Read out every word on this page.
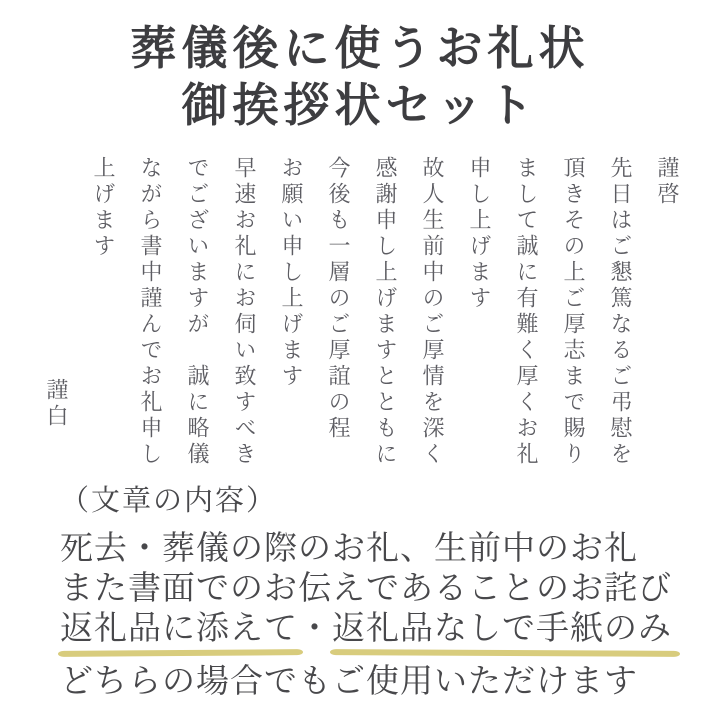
葬儀後に使うお礼状
御挨拶状セット

謹啓

先日はご懇篤なるご弔慰を

頂きその上ご厚志まで賜り

まして誠に有難く厚くお礼

申し上げます

故人生前中のご厚情を深く

感謝申し上げますとともに

今後も一層のご厚誼の程

お願い申し上げます

早速お礼にお伺い致すべき

でございますが　誠に略儀

ながら書中謹んでお礼申し

上げます

謹白

（文章の内容）
死去・葬儀の際のお礼、生前中のお礼
また書面でのお伝えであることのお詫び
返礼品に添えて・返礼品なしで手紙のみ
どちらの場合でもご使用いただけます
